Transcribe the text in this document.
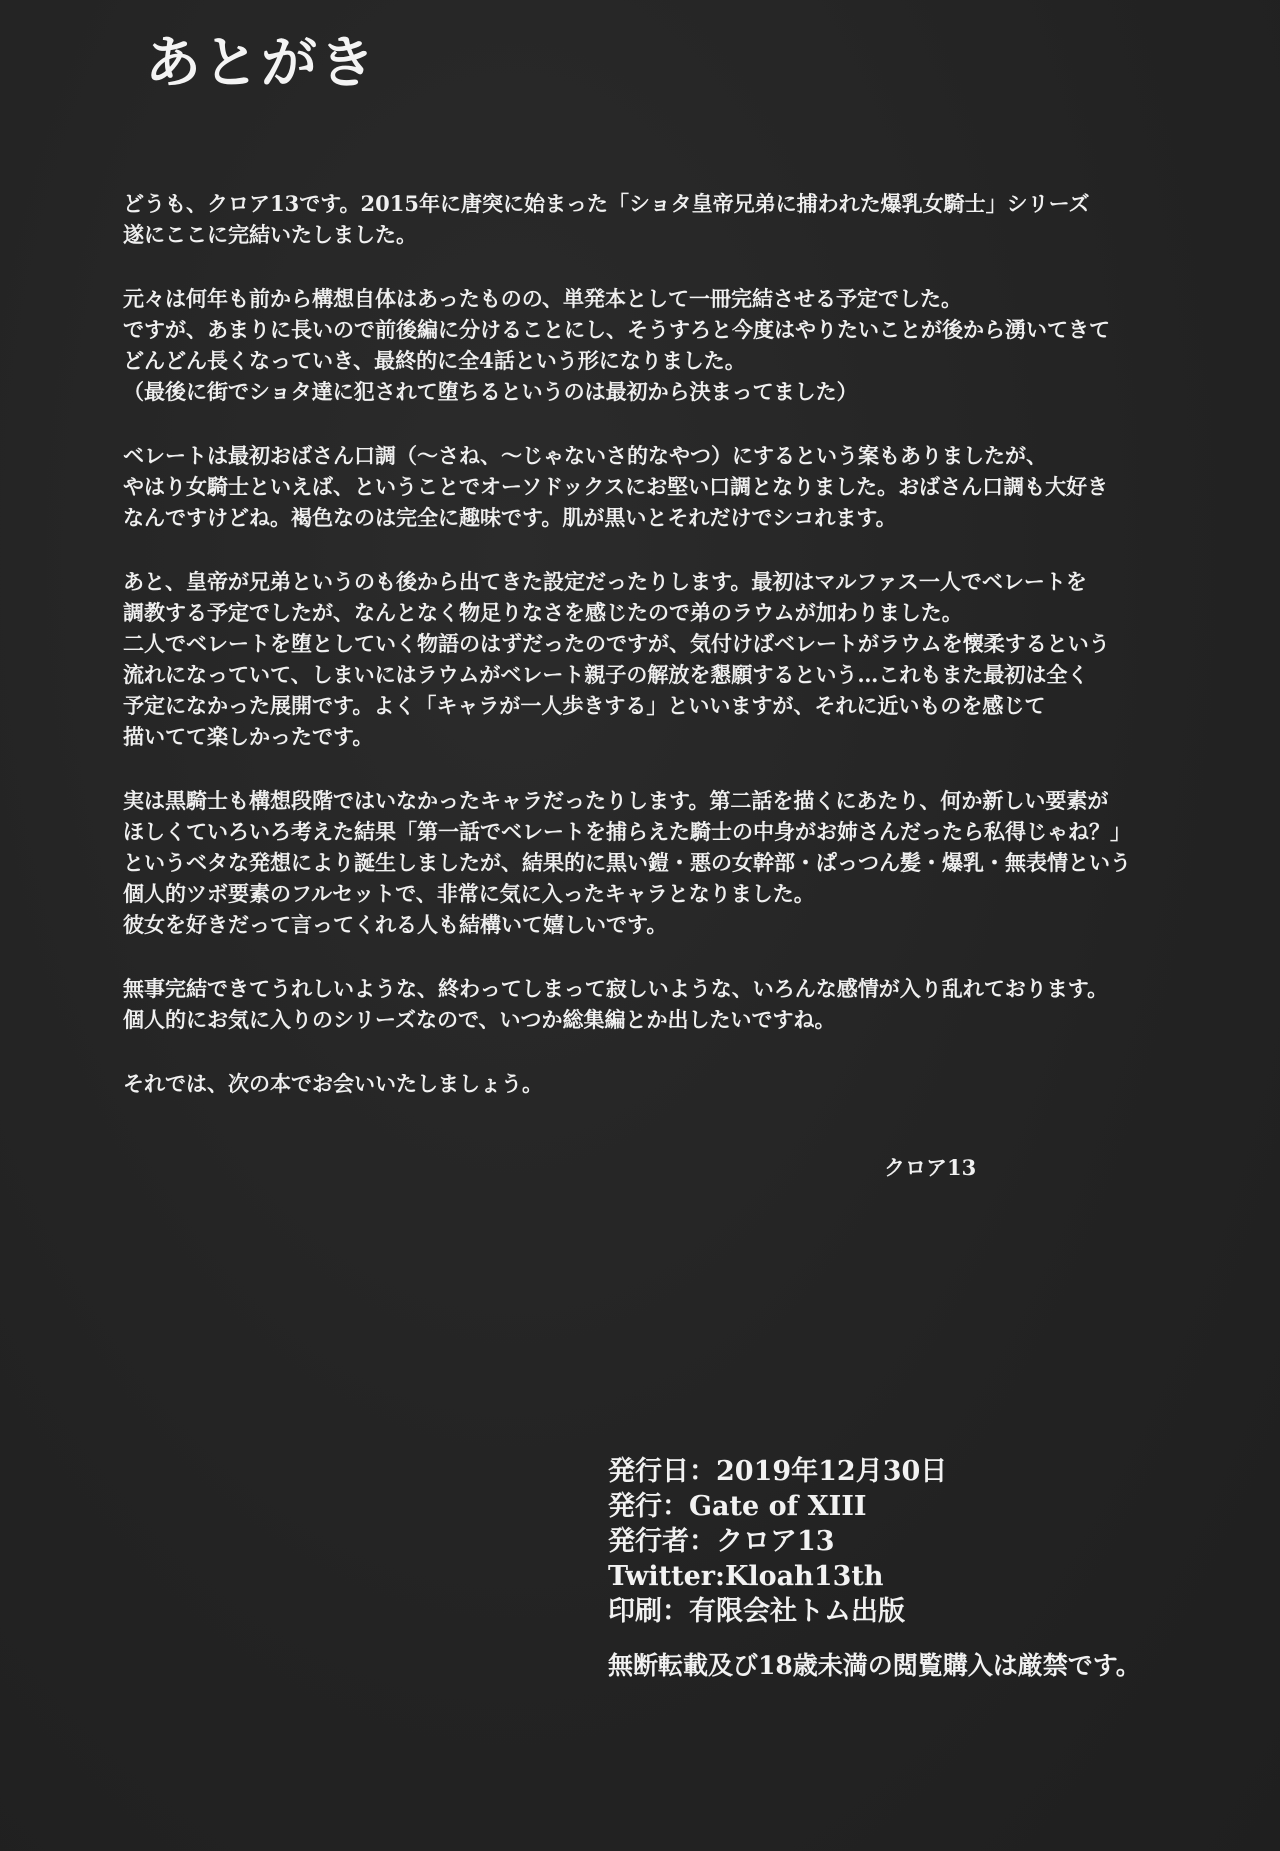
あとがき

どうも、クロア13です。2015年に唐突に始まった「ショタ皇帝兄弟に捕われた爆乳女騎士」シリーズ
遂にここに完結いたしました。

元々は何年も前から構想自体はあったものの、単発本として一冊完結させる予定でした。
ですが、あまりに長いので前後編に分けることにし、そうすろと今度はやりたいことが後から湧いてきて
どんどん長くなっていき、最終的に全4話という形になりました。
（最後に街でショタ達に犯されて堕ちるというのは最初から決まってました）

ベレートは最初おばさん口調（～さね、～じゃないさ的なやつ）にするという案もありましたが、
やはり女騎士といえば、ということでオーソドックスにお堅い口調となりました。おばさん口調も大好き
なんですけどね。褐色なのは完全に趣味です。肌が黒いとそれだけでシコれます。

あと、皇帝が兄弟というのも後から出てきた設定だったりします。最初はマルファス一人でベレートを
調教する予定でしたが、なんとなく物足りなさを感じたので弟のラウムが加わりました。
二人でベレートを堕としていく物語のはずだったのですが、気付けばベレートがラウムを懐柔するという
流れになっていて、しまいにはラウムがベレート親子の解放を懇願するという…これもまた最初は全く
予定になかった展開です。よく「キャラが一人歩きする」といいますが、それに近いものを感じて
描いてて楽しかったです。

実は黒騎士も構想段階ではいなかったキャラだったりします。第二話を描くにあたり、何か新しい要素が
ほしくていろいろ考えた結果「第一話でベレートを捕らえた騎士の中身がお姉さんだったら私得じゃね？」
というベタな発想により誕生しましたが、結果的に黒い鎧・悪の女幹部・ぱっつん髪・爆乳・無表情という
個人的ツボ要素のフルセットで、非常に気に入ったキャラとなりました。
彼女を好きだって言ってくれる人も結構いて嬉しいです。

無事完結できてうれしいような、終わってしまって寂しいような、いろんな感情が入り乱れております。
個人的にお気に入りのシリーズなので、いつか総集編とか出したいですね。

それでは、次の本でお会いいたしましょう。

クロア13
発行日：2019年12月30日
発行：Gate of XIII
発行者：クロア13
Twitter:Kloah13th
印刷：有限会社トム出版
無断転載及び18歳未満の閲覧購入は厳禁です。
